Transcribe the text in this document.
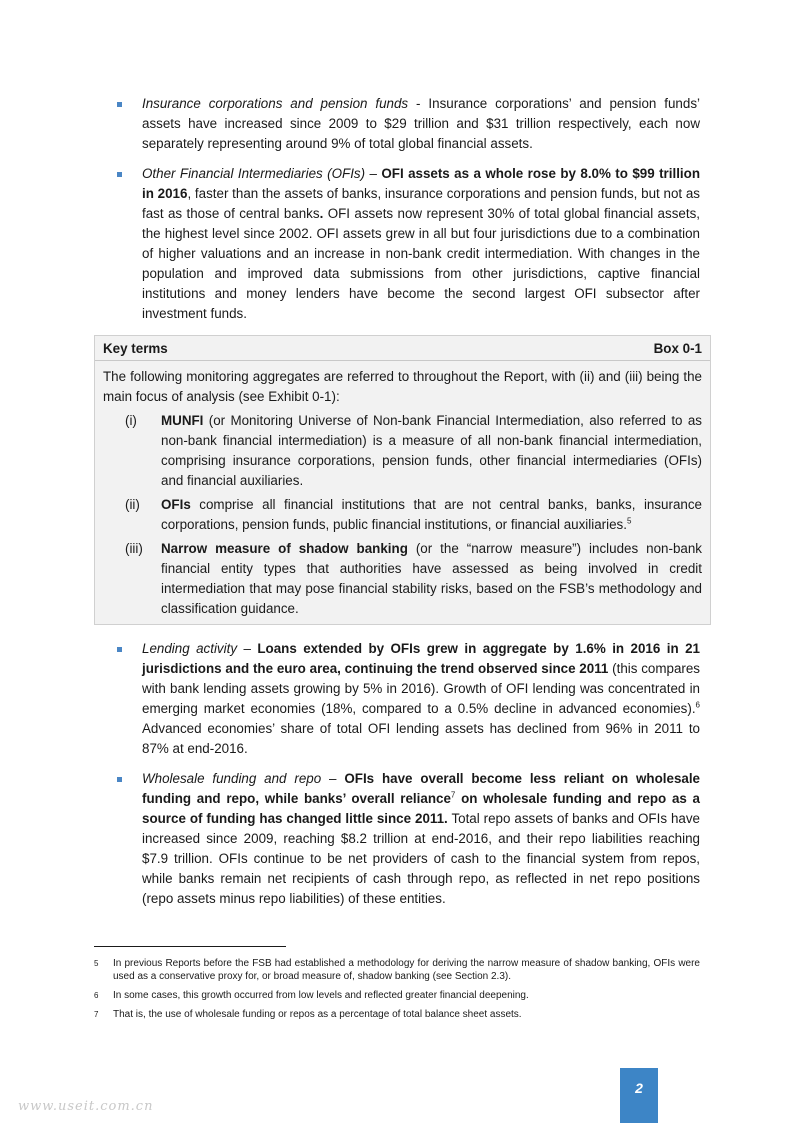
Insurance corporations and pension funds - Insurance corporations’ and pension funds’ assets have increased since 2009 to $29 trillion and $31 trillion respectively, each now separately representing around 9% of total global financial assets.
Other Financial Intermediaries (OFIs) – OFI assets as a whole rose by 8.0% to $99 trillion in 2016, faster than the assets of banks, insurance corporations and pension funds, but not as fast as those of central banks. OFI assets now represent 30% of total global financial assets, the highest level since 2002. OFI assets grew in all but four jurisdictions due to a combination of higher valuations and an increase in non-bank credit intermediation. With changes in the population and improved data submissions from other jurisdictions, captive financial institutions and money lenders have become the second largest OFI subsector after investment funds.
Key terms	Box 0-1
The following monitoring aggregates are referred to throughout the Report, with (ii) and (iii) being the main focus of analysis (see Exhibit 0-1):
(i) MUNFI (or Monitoring Universe of Non-bank Financial Intermediation, also referred to as non-bank financial intermediation) is a measure of all non-bank financial intermediation, comprising insurance corporations, pension funds, other financial intermediaries (OFIs) and financial auxiliaries.
(ii) OFIs comprise all financial institutions that are not central banks, banks, insurance corporations, pension funds, public financial institutions, or financial auxiliaries.$^5$
(iii) Narrow measure of shadow banking (or the “narrow measure”) includes non-bank financial entity types that authorities have assessed as being involved in credit intermediation that may pose financial stability risks, based on the FSB’s methodology and classification guidance.
Lending activity – Loans extended by OFIs grew in aggregate by 1.6% in 2016 in 21 jurisdictions and the euro area, continuing the trend observed since 2011 (this compares with bank lending assets growing by 5% in 2016). Growth of OFI lending was concentrated in emerging market economies (18%, compared to a 0.5% decline in advanced economies).$^6$ Advanced economies’ share of total OFI lending assets has declined from 96% in 2011 to 87% at end-2016.
Wholesale funding and repo – OFIs have overall become less reliant on wholesale funding and repo, while banks’ overall reliance$^7$ on wholesale funding and repo as a source of funding has changed little since 2011. Total repo assets of banks and OFIs have increased since 2009, reaching $8.2 trillion at end-2016, and their repo liabilities reaching $7.9 trillion. OFIs continue to be net providers of cash to the financial system from repos, while banks remain net recipients of cash through repo, as reflected in net repo positions (repo assets minus repo liabilities) of these entities.
5 In previous Reports before the FSB had established a methodology for deriving the narrow measure of shadow banking, OFIs were used as a conservative proxy for, or broad measure of, shadow banking (see Section 2.3).
6 In some cases, this growth occurred from low levels and reflected greater financial deepening.
7 That is, the use of wholesale funding or repos as a percentage of total balance sheet assets.
2
www.useit.com.cn
